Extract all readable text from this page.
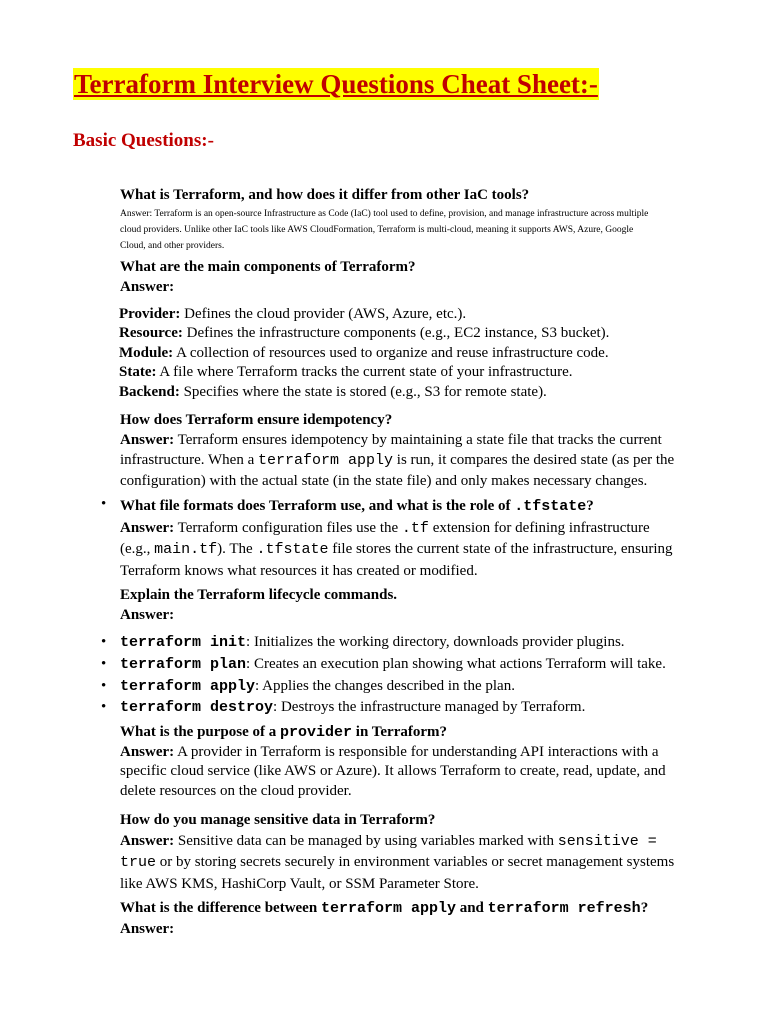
Terraform Interview Questions Cheat Sheet:-
Basic Questions:-
What is Terraform, and how does it differ from other IaC tools?
Answer: Terraform is an open-source Infrastructure as Code (IaC) tool used to define, provision, and manage infrastructure across multiple
cloud providers. Unlike other IaC tools like AWS CloudFormation, Terraform is multi-cloud, meaning it supports AWS, Azure, Google
Cloud, and other providers.
What are the main components of Terraform?
Answer:
Provider: Defines the cloud provider (AWS, Azure, etc.).
Resource: Defines the infrastructure components (e.g., EC2 instance, S3 bucket).
Module: A collection of resources used to organize and reuse infrastructure code.
State: A file where Terraform tracks the current state of your infrastructure.
Backend: Specifies where the state is stored (e.g., S3 for remote state).
How does Terraform ensure idempotency?
Answer: Terraform ensures idempotency by maintaining a state file that tracks the current
infrastructure. When a terraform apply is run, it compares the desired state (as per the
configuration) with the actual state (in the state file) and only makes necessary changes.
• What file formats does Terraform use, and what is the role of .tfstate?
Answer: Terraform configuration files use the .tf extension for defining infrastructure
(e.g., main.tf). The .tfstate file stores the current state of the infrastructure, ensuring
Terraform knows what resources it has created or modified.
Explain the Terraform lifecycle commands.
Answer:
• terraform init: Initializes the working directory, downloads provider plugins.
• terraform plan: Creates an execution plan showing what actions Terraform will take.
• terraform apply: Applies the changes described in the plan.
• terraform destroy: Destroys the infrastructure managed by Terraform.
What is the purpose of a provider in Terraform?
Answer: A provider in Terraform is responsible for understanding API interactions with a
specific cloud service (like AWS or Azure). It allows Terraform to create, read, update, and
delete resources on the cloud provider.
How do you manage sensitive data in Terraform?
Answer: Sensitive data can be managed by using variables marked with sensitive =
true or by storing secrets securely in environment variables or secret management systems
like AWS KMS, HashiCorp Vault, or SSM Parameter Store.
What is the difference between terraform apply and terraform refresh?
Answer:
